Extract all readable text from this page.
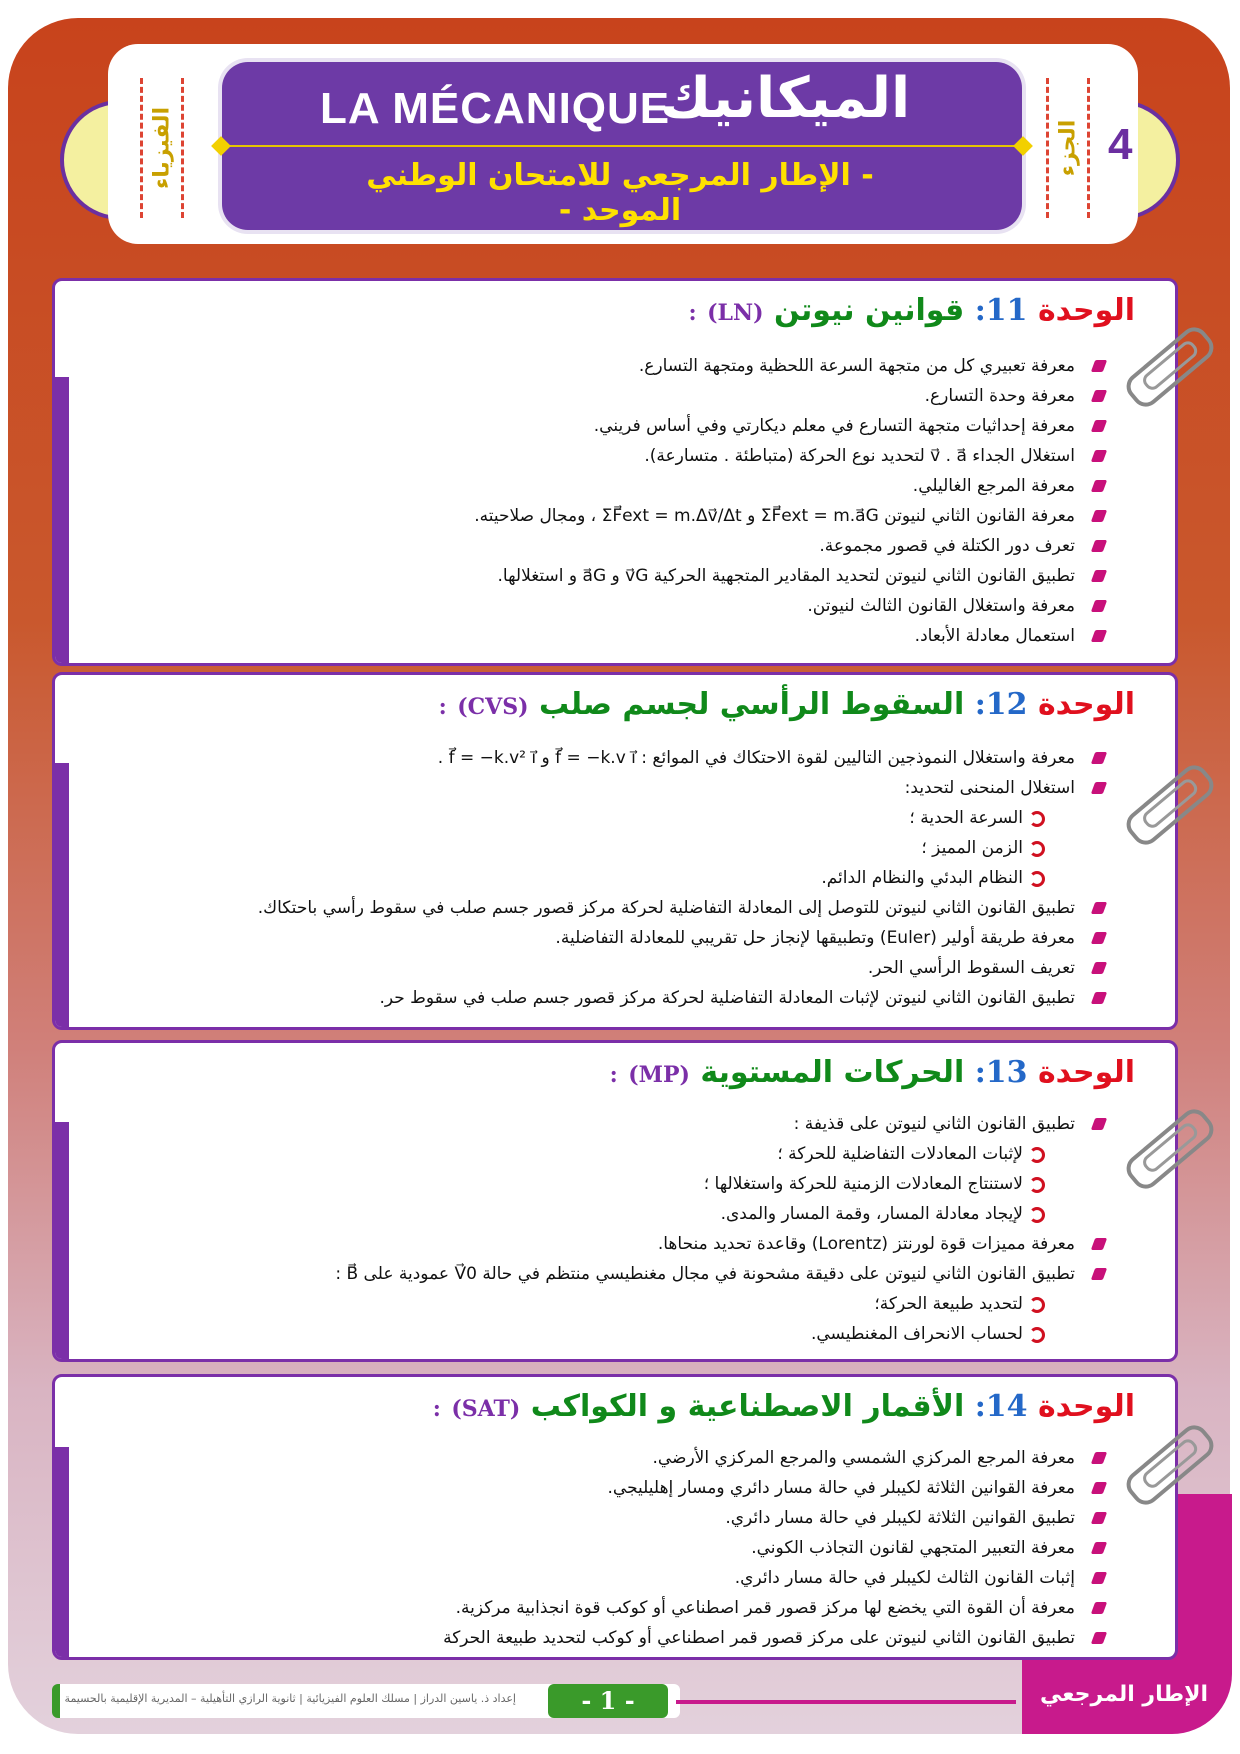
LA MÉCANIQUE
الميكانيك
- الإطار المرجعي للامتحان الوطني الموحد -
الفيزياء	الجزء 4
الوحدة 11: قوانين نيوتن (LN) :
معرفة تعبيري كل من متجهة السرعة اللحظية ومتجهة التسارع.
معرفة وحدة التسارع.
معرفة إحداثيات متجهة التسارع في معلم ديكارتي وفي أساس فريني.
استغلال الجداء v⃗ . a⃗ لتحديد نوع الحركة (متباطئة . متسارعة).
معرفة المرجع الغاليلي.
معرفة القانون الثاني لنيوتن ΣF⃗ext = m.a⃗G و ΣF⃗ext = m.Δv⃗/Δt ، ومجال صلاحيته.
تعرف دور الكتلة في قصور مجموعة.
تطبيق القانون الثاني لنيوتن لتحديد المقادير المتجهية الحركية v⃗G و a⃗G و استغلالها.
معرفة واستغلال القانون الثالث لنيوتن.
استعمال معادلة الأبعاد.
الوحدة 12: السقوط الرأسي لجسم صلب (CVS) :
معرفة واستغلال النموذجين التاليين لقوة الاحتكاك في الموائع : f⃗ = −k.v i⃗ و f⃗ = −k.v² i⃗ .
استغلال المنحنى لتحديد:
السرعة الحدية ؛
الزمن المميز ؛
النظام البدئي والنظام الدائم.
تطبيق القانون الثاني لنيوتن للتوصل إلى المعادلة التفاضلية لحركة مركز قصور جسم صلب في سقوط رأسي باحتكاك.
معرفة طريقة أولير (Euler) وتطبيقها لإنجاز حل تقريبي للمعادلة التفاضلية.
تعريف السقوط الرأسي الحر.
تطبيق القانون الثاني لنيوتن لإثبات المعادلة التفاضلية لحركة مركز قصور جسم صلب في سقوط حر.
الوحدة 13: الحركات المستوية (MP) :
تطبيق القانون الثاني لنيوتن على قذيفة :
لإثبات المعادلات التفاضلية للحركة ؛
لاستنتاج المعادلات الزمنية للحركة واستغلالها ؛
لإيجاد معادلة المسار، وقمة المسار والمدى.
معرفة مميزات قوة لورنتز (Lorentz) وقاعدة تحديد منحاها.
تطبيق القانون الثاني لنيوتن على دقيقة مشحونة في مجال مغنطيسي منتظم في حالة V⃗0 عمودية على B⃗ :
لتحديد طبيعة الحركة؛
لحساب الانحراف المغنطيسي.
الوحدة 14: الأقمار الاصطناعية و الكواكب (SAT) :
معرفة المرجع المركزي الشمسي والمرجع المركزي الأرضي.
معرفة القوانين الثلاثة لكيبلر في حالة مسار دائري ومسار إهليليجي.
تطبيق القوانين الثلاثة لكيبلر في حالة مسار دائري.
معرفة التعبير المتجهي لقانون التجاذب الكوني.
إثبات القانون الثالث لكيبلر في حالة مسار دائري.
معرفة أن القوة التي يخضع لها مركز قصور قمر اصطناعي أو كوكب قوة انجذابية مركزية.
تطبيق القانون الثاني لنيوتن على مركز قصور قمر اصطناعي أو كوكب لتحديد طبيعة الحركة
إعداد ذ. ياسين الدراز | مسلك العلوم الفيزيائية | ثانوية الرازي التأهيلية – المديرية الإقليمية بالحسيمة	- 1 -	الإطار المرجعي
